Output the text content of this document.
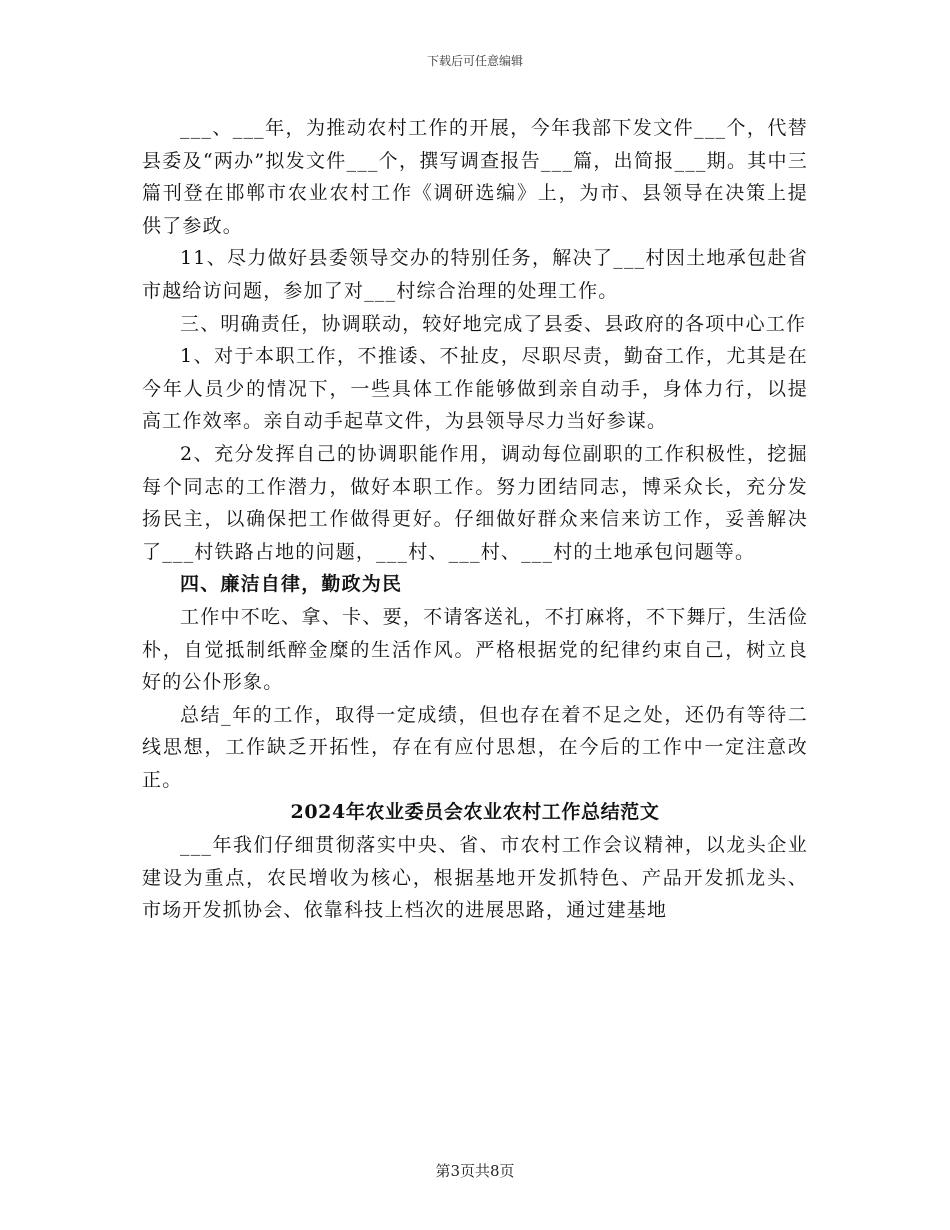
下载后可任意编辑

___、___年，为推动农村工作的开展，今年我部下发文件___个，代替县委及“两办”拟发文件___个，撰写调查报告___篇，出简报___期。其中三篇刊登在邯郸市农业农村工作《调研选编》上，为市、县领导在决策上提供了参政。

11、尽力做好县委领导交办的特别任务，解决了___村因土地承包赴省市越给访问题，参加了对___村综合治理的处理工作。

三、明确责任，协调联动，较好地完成了县委、县政府的各项中心工作

1、对于本职工作，不推诿、不扯皮，尽职尽责，勤奋工作，尤其是在今年人员少的情况下，一些具体工作能够做到亲自动手，身体力行，以提高工作效率。亲自动手起草文件，为县领导尽力当好参谋。

2、充分发挥自己的协调职能作用，调动每位副职的工作积极性，挖掘每个同志的工作潜力，做好本职工作。努力团结同志，博采众长，充分发扬民主，以确保把工作做得更好。仔细做好群众来信来访工作，妥善解决了___村铁路占地的问题，___村、___村、___村的土地承包问题等。

四、廉洁自律，勤政为民

工作中不吃、拿、卡、要，不请客送礼，不打麻将，不下舞厅，生活俭朴，自觉抵制纸醉金糜的生活作风。严格根据党的纪律约束自己，树立良好的公仆形象。

总结_年的工作，取得一定成绩，但也存在着不足之处，还仍有等待二线思想，工作缺乏开拓性，存在有应付思想，在今后的工作中一定注意改正。

2024年农业委员会农业农村工作总结范文

___年我们仔细贯彻落实中央、省、市农村工作会议精神，以龙头企业建设为重点，农民增收为核心，根据基地开发抓特色、产品开发抓龙头、市场开发抓协会、依靠科技上档次的进展思路，通过建基地

第3页共8页
